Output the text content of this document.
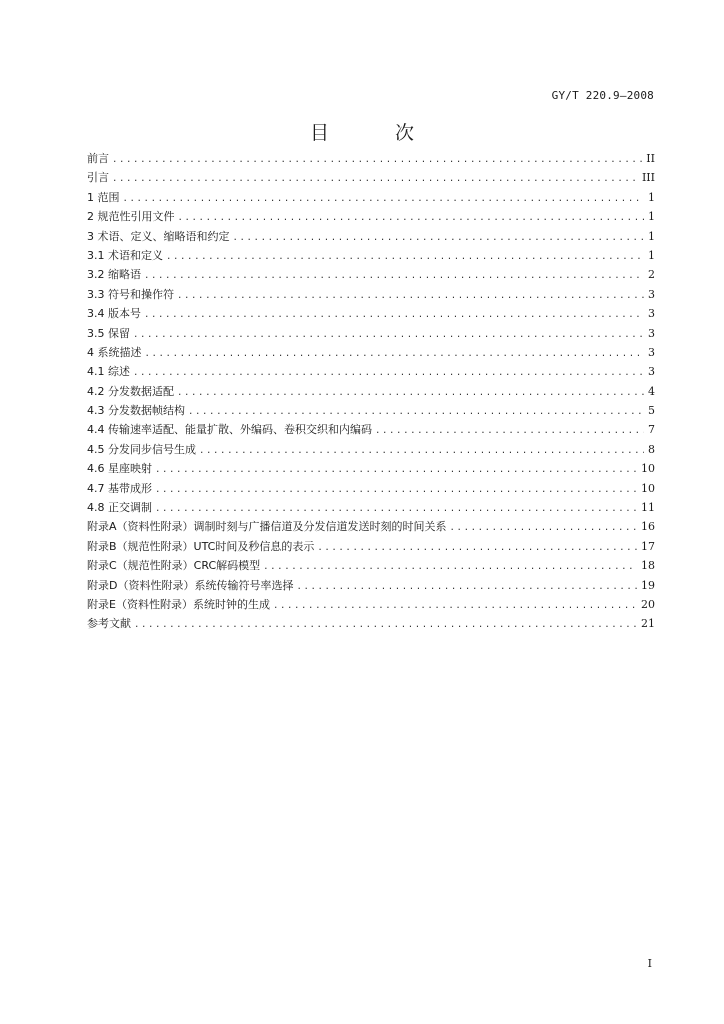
GY/T 220.9—2008
目 次
前言 .....	II
引言 .....	III
1 范围 .....	1
2 规范性引用文件 .....	1
3 术语、定义、缩略语和约定 .....	1
3.1 术语和定义 .....	1
3.2 缩略语 .....	2
3.3 符号和操作符 .....	3
3.4 版本号 .....	3
3.5 保留 .....	3
4 系统描述 .....	3
4.1 综述 .....	3
4.2 分发数据适配 .....	4
4.3 分发数据帧结构 .....	5
4.4 传输速率适配、能量扩散、外编码、卷积交织和内编码 .....	7
4.5 分发同步信号生成 .....	8
4.6 星座映射 .....	10
4.7 基带成形 .....	10
4.8 正交调制 .....	11
附录A（资料性附录）调制时刻与广播信道及分发信道发送时刻的时间关系 .....	16
附录B（规范性附录）UTC时间及秒信息的表示 .....	17
附录C（规范性附录）CRC解码模型 .....	18
附录D（资料性附录）系统传输符号率选择 .....	19
附录E（资料性附录）系统时钟的生成 .....	20
参考文献 .....	21
I
